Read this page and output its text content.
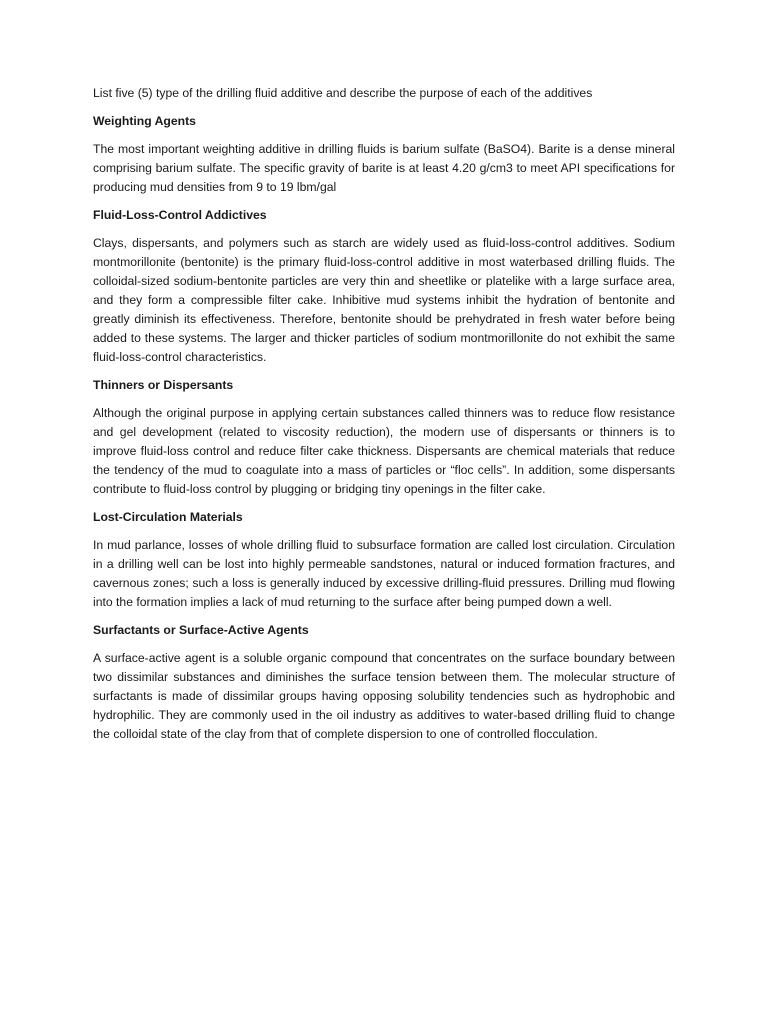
List five (5) type of the drilling fluid additive and describe the purpose of each of the additives

Weighting Agents

The most important weighting additive in drilling fluids is barium sulfate (BaSO4). Barite is a dense mineral comprising barium sulfate. The specific gravity of barite is at least 4.20 g/cm3 to meet API specifications for producing mud densities from 9 to 19 lbm/gal

Fluid-Loss-Control Addictives

Clays, dispersants, and polymers such as starch are widely used as fluid-loss-control additives. Sodium montmorillonite (bentonite) is the primary fluid-loss-control additive in most waterbased drilling fluids. The colloidal-sized sodium-bentonite particles are very thin and sheetlike or platelike with a large surface area, and they form a compressible filter cake. Inhibitive mud systems inhibit the hydration of bentonite and greatly diminish its effectiveness. Therefore, bentonite should be prehydrated in fresh water before being added to these systems. The larger and thicker particles of sodium montmorillonite do not exhibit the same fluid-loss-control characteristics.

Thinners or Dispersants

Although the original purpose in applying certain substances called thinners was to reduce flow resistance and gel development (related to viscosity reduction), the modern use of dispersants or thinners is to improve fluid-loss control and reduce filter cake thickness. Dispersants are chemical materials that reduce the tendency of the mud to coagulate into a mass of particles or “floc cells”. In addition, some dispersants contribute to fluid-loss control by plugging or bridging tiny openings in the filter cake.

Lost-Circulation Materials

In mud parlance, losses of whole drilling fluid to subsurface formation are called lost circulation. Circulation in a drilling well can be lost into highly permeable sandstones, natural or induced formation fractures, and cavernous zones; such a loss is generally induced by excessive drilling-fluid pressures. Drilling mud flowing into the formation implies a lack of mud returning to the surface after being pumped down a well.

Surfactants or Surface-Active Agents

A surface-active agent is a soluble organic compound that concentrates on the surface boundary between two dissimilar substances and diminishes the surface tension between them. The molecular structure of surfactants is made of dissimilar groups having opposing solubility tendencies such as hydrophobic and hydrophilic. They are commonly used in the oil industry as additives to water-based drilling fluid to change the colloidal state of the clay from that of complete dispersion to one of controlled flocculation.
